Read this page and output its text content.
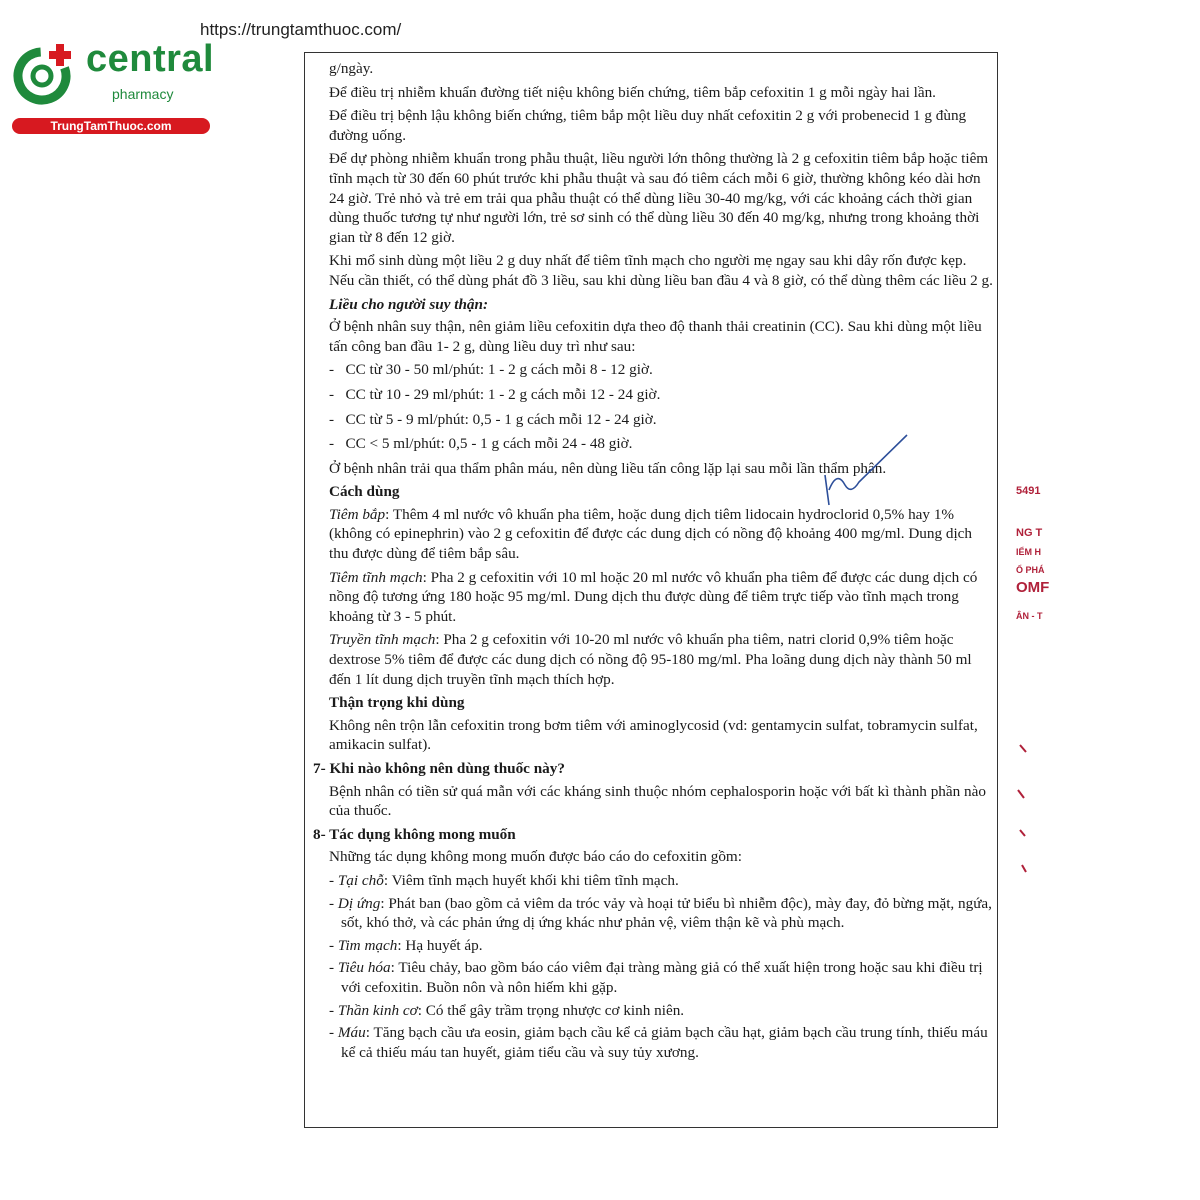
https://trungtamthuoc.com/
central
pharmacy
TrungTamThuoc.com

g/ngày.

Để điều trị nhiễm khuẩn đường tiết niệu không biến chứng, tiêm bắp cefoxitin 1 g mỗi ngày hai lần.

Để điều trị bệnh lậu không biến chứng, tiêm bắp một liều duy nhất cefoxitin 2 g với probenecid 1 g đùng đường uống.

Để dự phòng nhiễm khuẩn trong phẫu thuật, liều người lớn thông thường là 2 g cefoxitin tiêm bắp hoặc tiêm tĩnh mạch từ 30 đến 60 phút trước khi phẫu thuật và sau đó tiêm cách mỗi 6 giờ, thường không kéo dài hơn 24 giờ. Trẻ nhỏ và trẻ em trải qua phẫu thuật có thể dùng liều 30-40 mg/kg, với các khoảng cách thời gian dùng thuốc tương tự như người lớn, trẻ sơ sinh có thể dùng liều 30 đến 40 mg/kg, nhưng trong khoảng thời gian từ 8 đến 12 giờ.

Khi mổ sinh dùng một liều 2 g duy nhất để tiêm tĩnh mạch cho người mẹ ngay sau khi dây rốn được kẹp. Nếu cần thiết, có thể dùng phát đồ 3 liều, sau khi dùng liều ban đầu 4 và 8 giờ, có thể dùng thêm các liều 2 g.

Liều cho người suy thận:

Ở bệnh nhân suy thận, nên giảm liều cefoxitin dựa theo độ thanh thải creatinin (CC). Sau khi dùng một liều tấn công ban đầu 1- 2 g, dùng liều duy trì như sau:

-   CC từ 30 - 50 ml/phút: 1 - 2 g cách mỗi 8 - 12 giờ.

-   CC từ 10 - 29 ml/phút: 1 - 2 g cách mỗi 12 - 24 giờ.

-   CC từ 5 - 9 ml/phút: 0,5 - 1 g cách mỗi 12 - 24 giờ.

-   CC < 5 ml/phút: 0,5 - 1 g cách mỗi 24 - 48 giờ.

Ở bệnh nhân trải qua thẩm phân máu, nên dùng liều tấn công lặp lại sau mỗi lần thẩm phân.

Cách dùng

Tiêm bắp: Thêm 4 ml nước vô khuẩn pha tiêm, hoặc dung dịch tiêm lidocain hydroclorid 0,5% hay 1% (không có epinephrin) vào 2 g cefoxitin để được các dung dịch có nồng độ khoảng 400 mg/ml. Dung dịch thu được dùng để tiêm bắp sâu.

Tiêm tĩnh mạch: Pha 2 g cefoxitin với 10 ml hoặc 20 ml nước vô khuẩn pha tiêm để được các dung dịch có nồng độ tương ứng 180 hoặc 95 mg/ml. Dung dịch thu được dùng để tiêm trực tiếp vào tĩnh mạch trong khoảng từ 3 - 5 phút.

Truyền tĩnh mạch: Pha 2 g cefoxitin với 10-20 ml nước vô khuẩn pha tiêm, natri clorid 0,9% tiêm hoặc dextrose 5% tiêm để được các dung dịch có nồng độ 95-180 mg/ml. Pha loãng dung dịch này thành 50 ml đến 1 lít dung dịch truyền tĩnh mạch thích hợp.

Thận trọng khi dùng

Không nên trộn lẫn cefoxitin trong bơm tiêm với aminoglycosid (vd: gentamycin sulfat, tobramycin sulfat, amikacin sulfat).

7- Khi nào không nên dùng thuốc này?

Bệnh nhân có tiền sử quá mẫn với các kháng sinh thuộc nhóm cephalosporin hoặc với bất kì thành phần nào của thuốc.

8- Tác dụng không mong muốn

Những tác dụng không mong muốn được báo cáo do cefoxitin gồm:

- Tại chỗ: Viêm tĩnh mạch huyết khối khi tiêm tĩnh mạch.

- Dị ứng: Phát ban (bao gồm cả viêm da tróc vảy và hoại tử biểu bì nhiễm độc), mày đay, đỏ bừng mặt, ngứa, sốt, khó thở, và các phản ứng dị ứng khác như phản vệ, viêm thận kẽ và phù mạch.

- Tim mạch: Hạ huyết áp.

- Tiêu hóa: Tiêu chảy, bao gồm báo cáo viêm đại tràng màng giả có thể xuất hiện trong hoặc sau khi điều trị với cefoxitin. Buồn nôn và nôn hiếm khi gặp.

- Thần kinh cơ: Có thể gây trầm trọng nhược cơ kinh niên.

- Máu: Tăng bạch cầu ưa eosin, giảm bạch cầu kể cả giảm bạch cầu hạt, giảm bạch cầu trung tính, thiếu máu kể cả thiếu máu tan huyết, giảm tiểu cầu và suy tủy xương.

5491
NG T
IỂM H
Ổ PHÁ
OMF
ÂN - T
